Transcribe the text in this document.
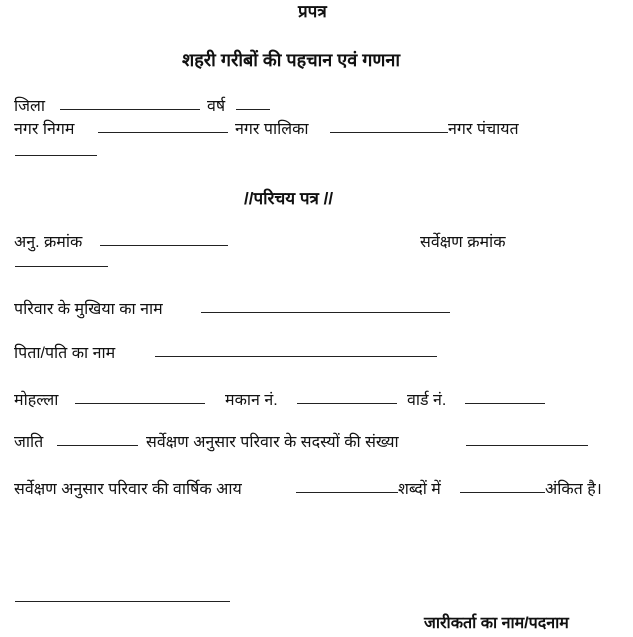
प्रपत्र
शहरी गरीबों की पहचान एवं गणना
जिला	वर्ष
नगर निगम	नगर पालिका	नगर पंचायत
//परिचय पत्र //
अनु. क्रमांक	सर्वेक्षण क्रमांक
परिवार के मुखिया का नाम
पिता/पति का नाम
मोहल्ला	मकान नं.	वार्ड नं.
जाति	सर्वेक्षण अनुसार परिवार के सदस्यों की संख्या
सर्वेक्षण अनुसार परिवार की वार्षिक आय	शब्दों में	अंकित है।
जारीकर्ता का नाम/पदनाम
